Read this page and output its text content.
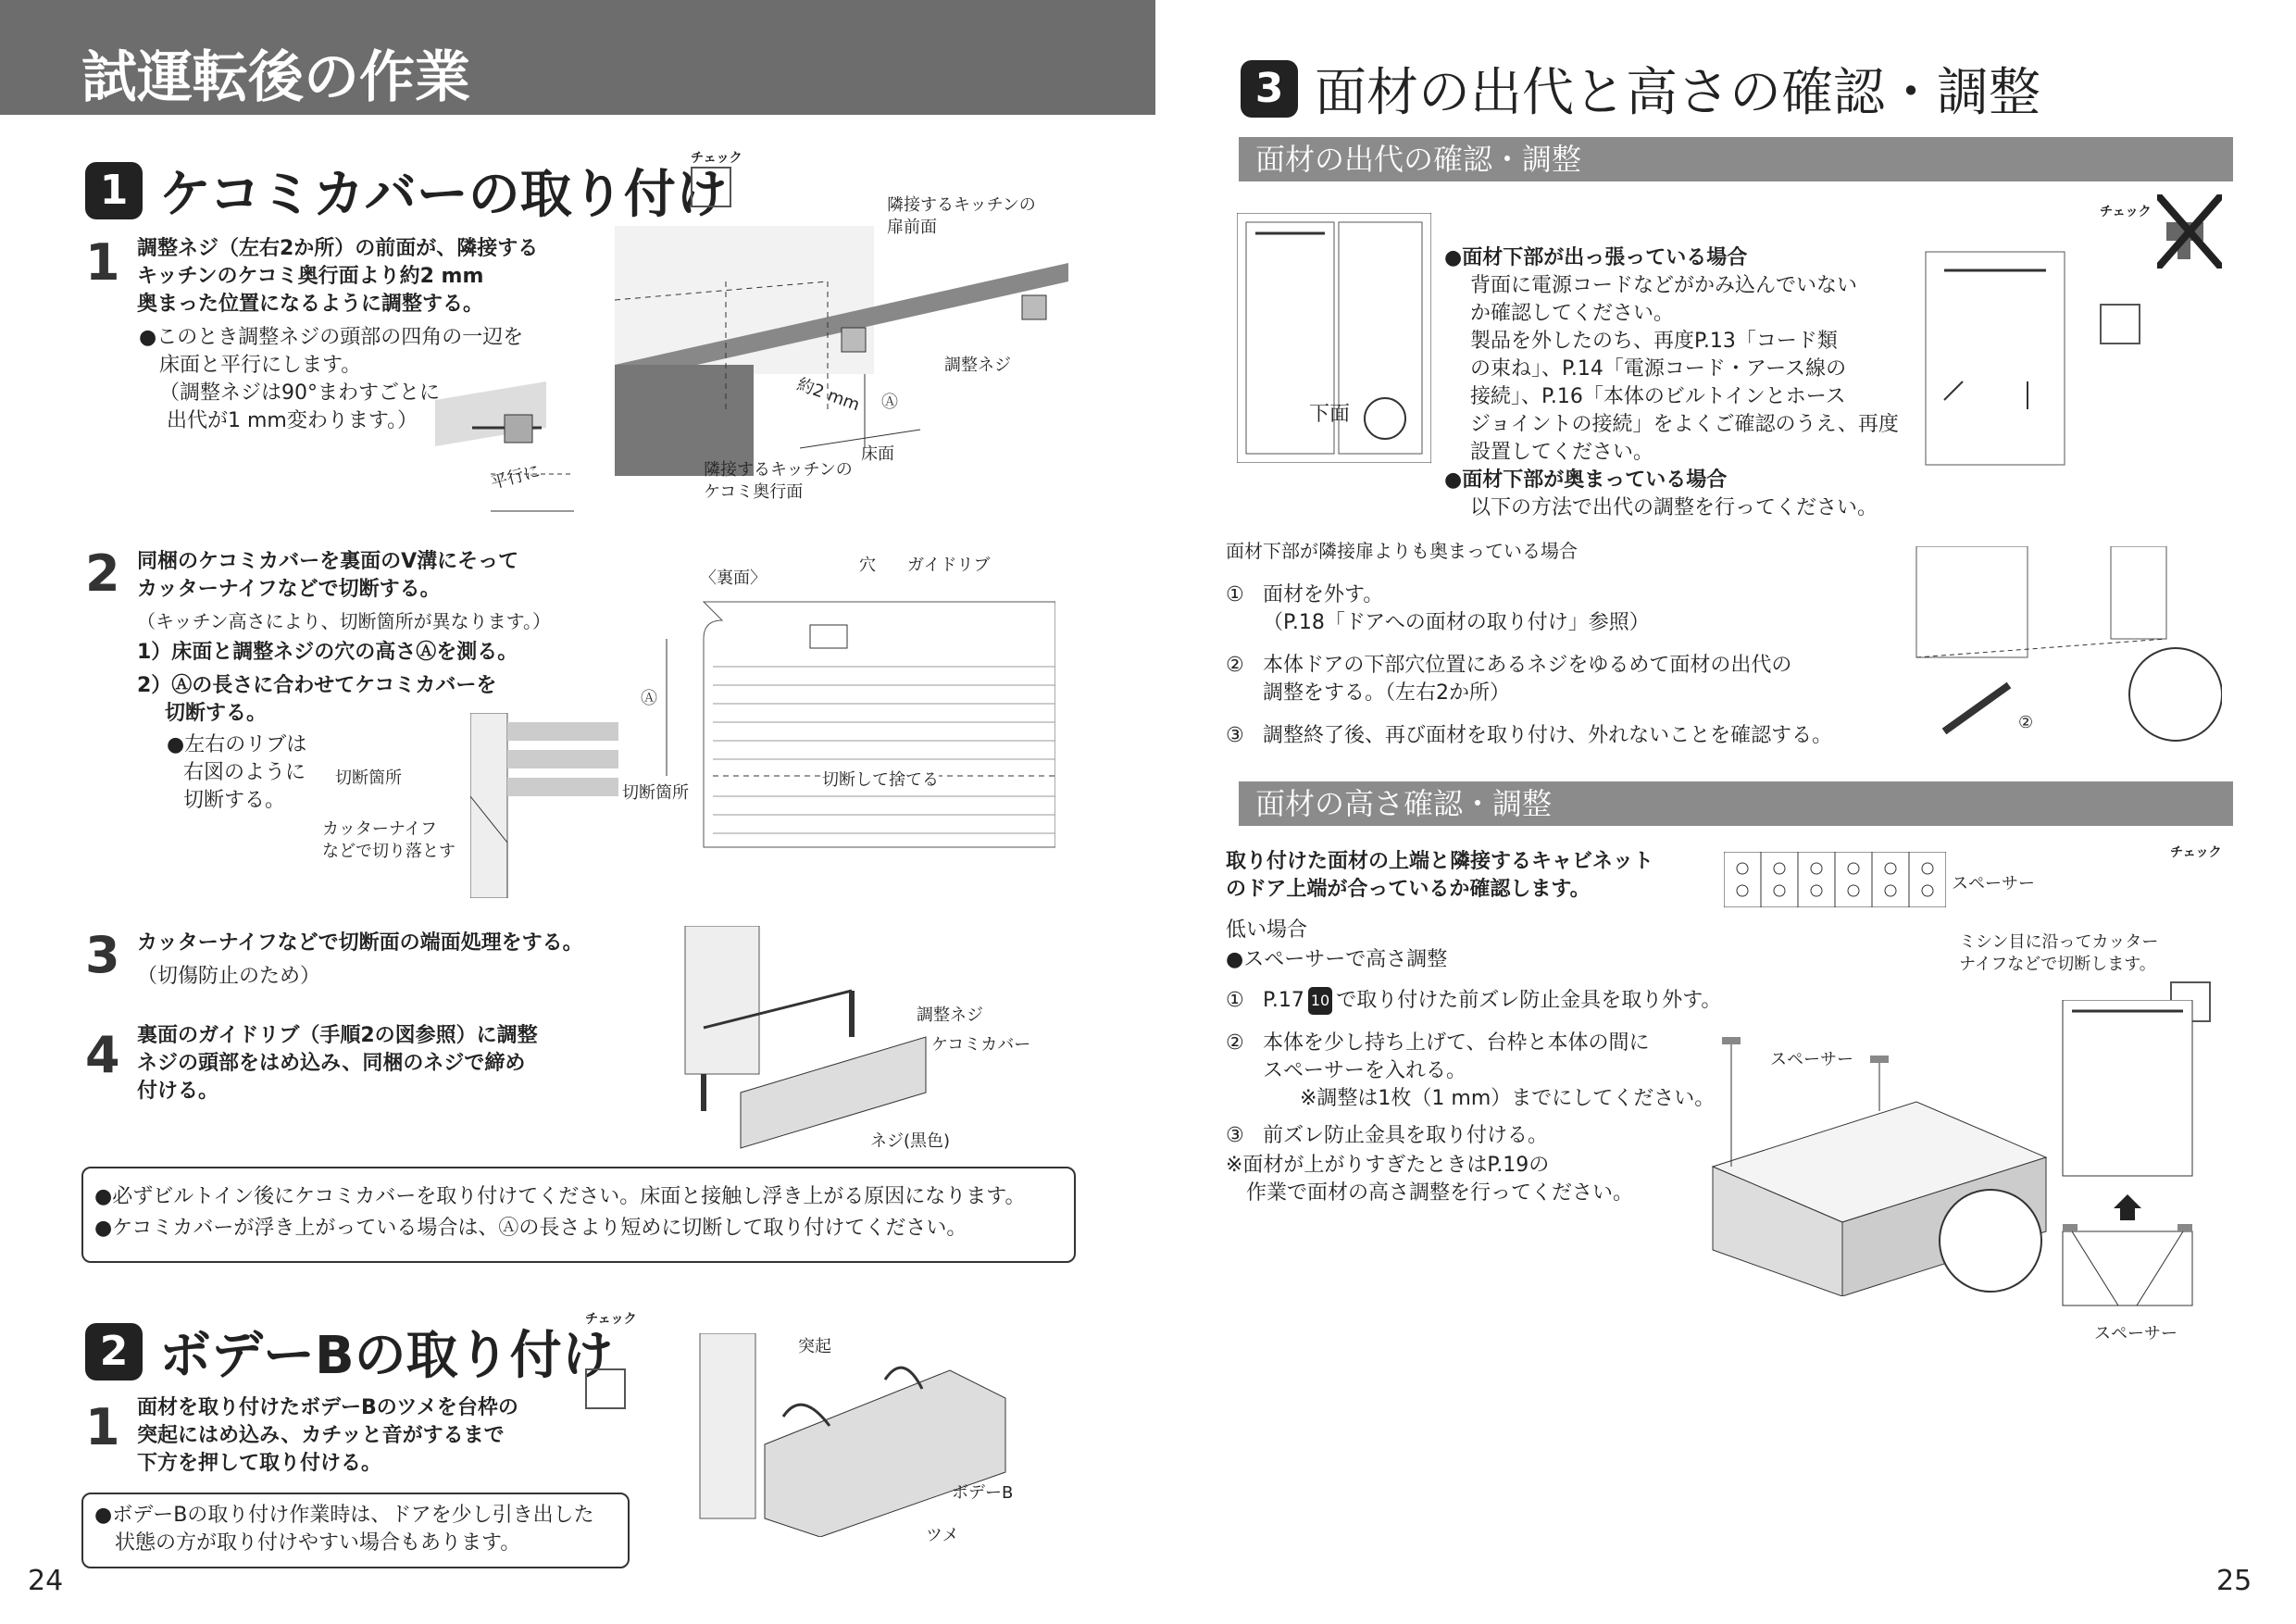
試運転後の作業
1 ケコミカバーの取り付け
チェック
1 調整ネジ（左右2か所）の前面が、隣接する
キッチンのケコミ奥行面より約2 mm
奥まった位置になるように調整する。
●このとき調整ネジの頭部の四角の一辺を
床面と平行にします。
（調整ネジは90°まわすごとに
出代が1 mm変わります。）
平行に
隣接するキッチンの
扉前面
調整ネジ
約2 mm Ⓐ
床面
隣接するキッチンの
ケコミ奥行面
2 同梱のケコミカバーを裏面のV溝にそって
カッターナイフなどで切断する。
（キッチン高さにより、切断箇所が異なります。）
1）床面と調整ネジの穴の高さⒶを測る。
2）Ⓐの長さに合わせてケコミカバーを
切断する。
●左右のリブは
右図のように
切断する。
切断箇所
カッターナイフ
などで切り落とす
〈裏面〉
穴 ガイドリブ
Ⓐ
切断して捨てる
切断箇所
3 カッターナイフなどで切断面の端面処理をする。
（切傷防止のため）
4 裏面のガイドリブ（手順2の図参照）に調整
ネジの頭部をはめ込み、同梱のネジで締め
付ける。
調整ネジ
ケコミカバー
ネジ(黒色)
●必ずビルトイン後にケコミカバーを取り付けてください。床面と接触し浮き上がる原因になります。
●ケコミカバーが浮き上がっている場合は、Ⓐの長さより短めに切断して取り付けてください。
2 ボデーBの取り付け
チェック
1 面材を取り付けたボデーBのツメを台枠の
突起にはめ込み、カチッと音がするまで
下方を押して取り付ける。
●ボデーBの取り付け作業時は、ドアを少し引き出した
状態の方が取り付けやすい場合もあります。
突起
ボデーB
ツメ
24
3 面材の出代と高さの確認・調整
面材の出代の確認・調整
チェック
下面
●面材下部が出っ張っている場合
背面に電源コードなどがかみ込んでいない
か確認してください。
製品を外したのち、再度P.13「コード類
の束ね」、P.14「電源コード・アース線の
接続」、P.16「本体のビルトインとホース
ジョイントの接続」をよくご確認のうえ、再度
設置してください。
●面材下部が奥まっている場合
以下の方法で出代の調整を行ってください。
面材下部が隣接扉よりも奥まっている場合
① 面材を外す。
（P.18「ドアへの面材の取り付け」参照）
② 本体ドアの下部穴位置にあるネジをゆるめて面材の出代の
調整をする。（左右2か所）
③ 調整終了後、再び面材を取り付け、外れないことを確認する。
②
面材の高さ確認・調整
取り付けた面材の上端と隣接するキャビネット
のドア上端が合っているか確認します。	スペーサー
ミシン目に沿ってカッター
ナイフなどで切断します。
チェック
低い場合
●スペーサーで高さ調整
① P.17 10 で取り付けた前ズレ防止金具を取り外す。
② 本体を少し持ち上げて、台枠と本体の間に
スペーサーを入れる。
※調整は1枚（1 mm）までにしてください。
③ 前ズレ防止金具を取り付ける。
※面材が上がりすぎたときはP.19の
作業で面材の高さ調整を行ってください。
スペーサー
スペーサー
25
